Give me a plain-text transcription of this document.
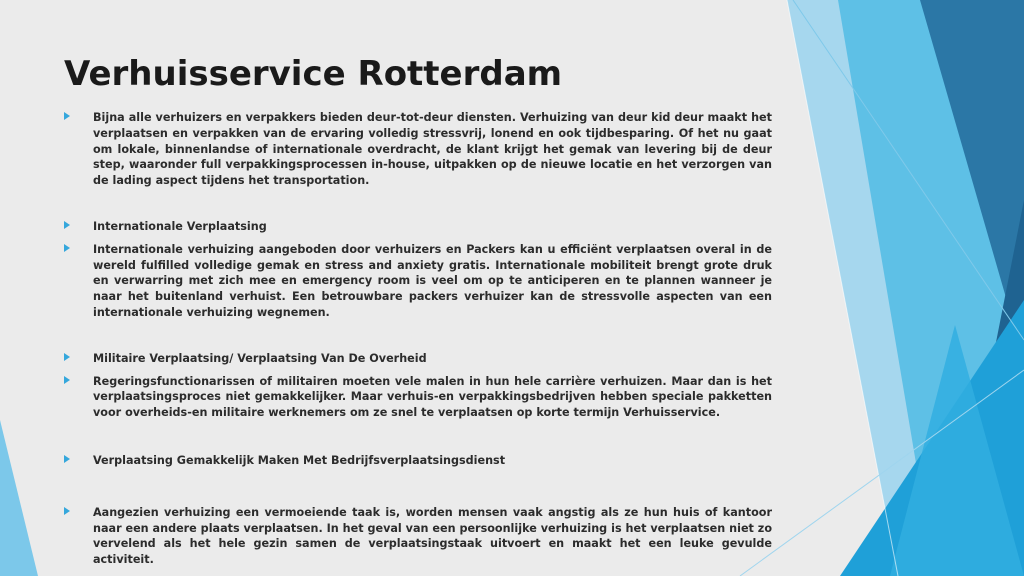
Verhuisservice Rotterdam
Bijna alle verhuizers en verpakkers bieden deur-tot-deur diensten. Verhuizing van deur kid deur maakt het verplaatsen en verpakken van de ervaring volledig stressvrij, lonend en ook tijdbesparing. Of het nu gaat om lokale, binnenlandse of internationale overdracht, de klant krijgt het gemak van levering bij de deur step, waaronder full verpakkingsprocessen in-house, uitpakken op de nieuwe locatie en het verzorgen van de lading aspect tijdens het transportation.
Internationale Verplaatsing
Internationale verhuizing aangeboden door verhuizers en Packers kan u efficiënt verplaatsen overal in de wereld fulfilled volledige gemak en stress and anxiety gratis. Internationale mobiliteit brengt grote druk en verwarring met zich mee en emergency room is veel om op te anticiperen en te plannen wanneer je naar het buitenland verhuist. Een betrouwbare packers verhuizer kan de stressvolle aspecten van een internationale verhuizing wegnemen.
Militaire Verplaatsing/ Verplaatsing Van De Overheid
Regeringsfunctionarissen of militairen moeten vele malen in hun hele carrière verhuizen. Maar dan is het verplaatsingsproces niet gemakkelijker. Maar verhuis-en verpakkingsbedrijven hebben speciale pakketten voor overheids-en militaire werknemers om ze snel te verplaatsen op korte termijn Verhuisservice.
Verplaatsing Gemakkelijk Maken Met Bedrijfsverplaatsingsdienst
Aangezien verhuizing een vermoeiende taak is, worden mensen vaak angstig als ze hun huis of kantoor naar een andere plaats verplaatsen. In het geval van een persoonlijke verhuizing is het verplaatsen niet zo vervelend als het hele gezin samen de verplaatsingstaak uitvoert en maakt het een leuke gevulde activiteit.
